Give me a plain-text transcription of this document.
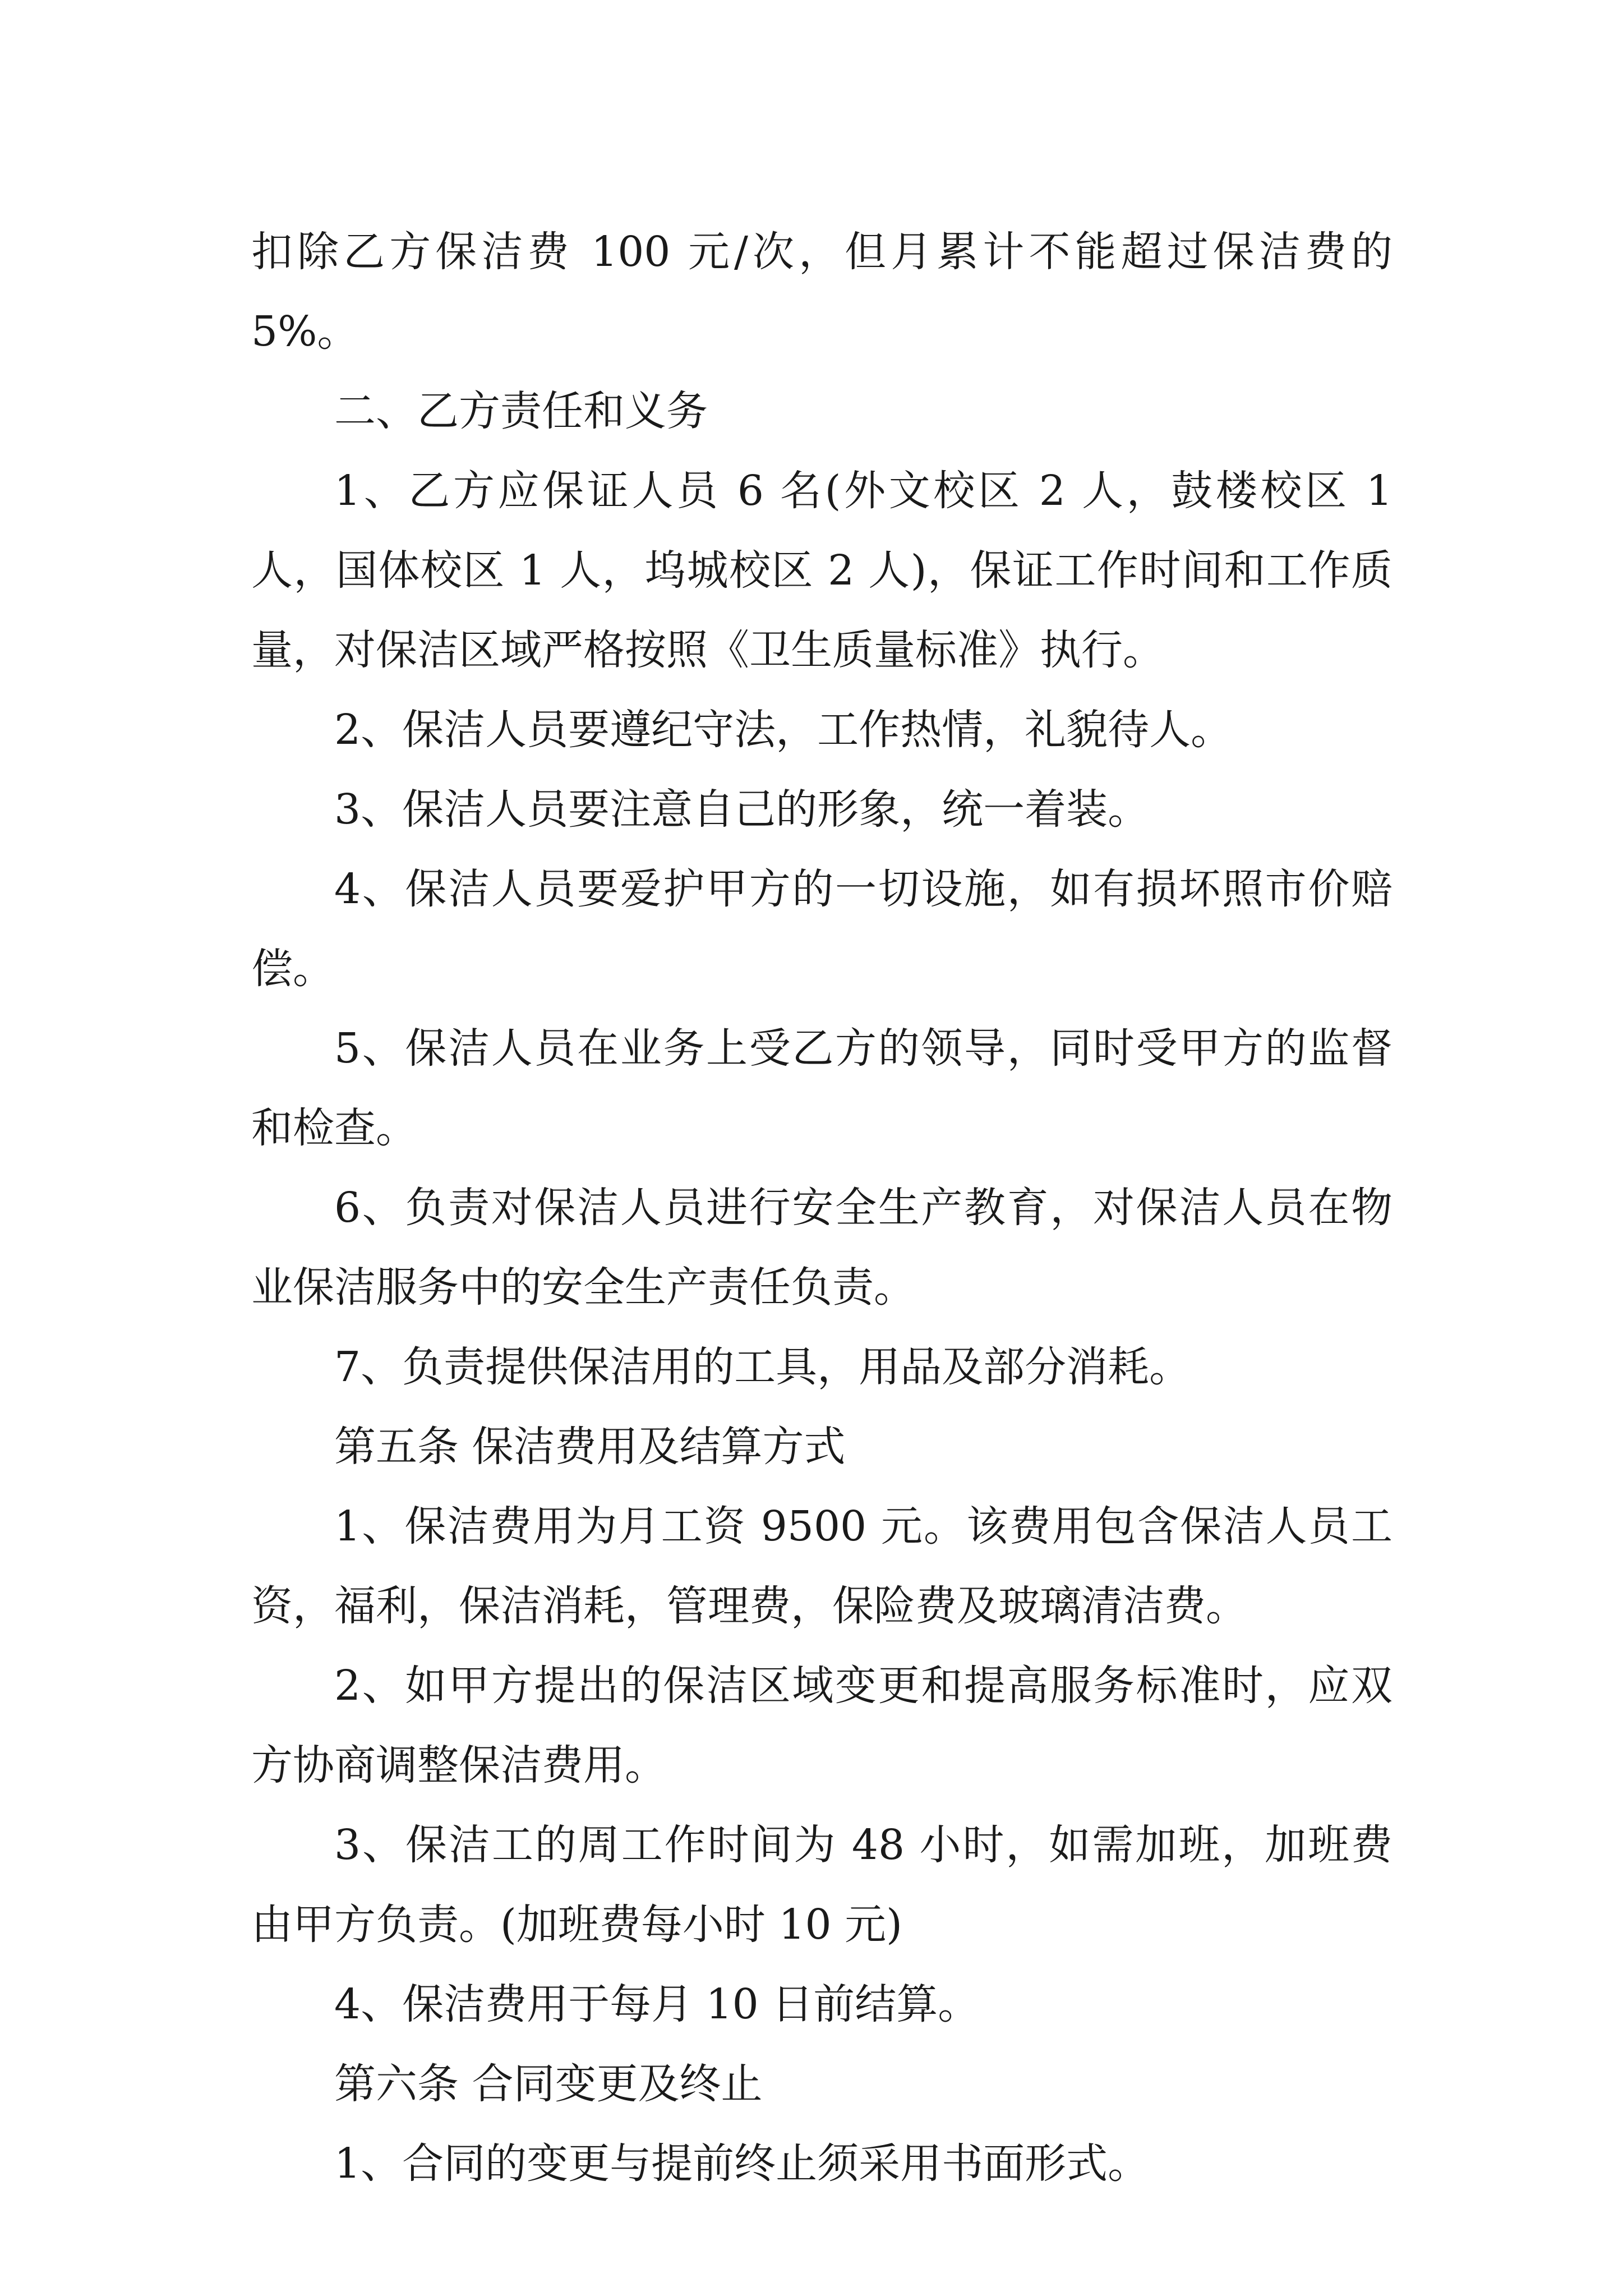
扣除乙方保洁费 100 元/次，但月累计不能超过保洁费的 5%。

二、乙方责任和义务

1、乙方应保证人员 6 名(外文校区 2 人，鼓楼校区 1 人，国体校区 1 人，坞城校区 2 人)，保证工作时间和工作质量，对保洁区域严格按照《卫生质量标准》执行。

2、保洁人员要遵纪守法，工作热情，礼貌待人。

3、保洁人员要注意自己的形象，统一着装。

4、保洁人员要爱护甲方的一切设施，如有损坏照市价赔偿。

5、保洁人员在业务上受乙方的领导，同时受甲方的监督和检查。

6、负责对保洁人员进行安全生产教育，对保洁人员在物业保洁服务中的安全生产责任负责。

7、负责提供保洁用的工具，用品及部分消耗。

第五条 保洁费用及结算方式

1、保洁费用为月工资 9500 元。该费用包含保洁人员工资，福利，保洁消耗，管理费，保险费及玻璃清洁费。

2、如甲方提出的保洁区域变更和提高服务标准时，应双方协商调整保洁费用。

3、保洁工的周工作时间为 48 小时，如需加班，加班费由甲方负责。(加班费每小时 10 元)

4、保洁费用于每月 10 日前结算。

第六条 合同变更及终止

1、合同的变更与提前终止须采用书面形式。
